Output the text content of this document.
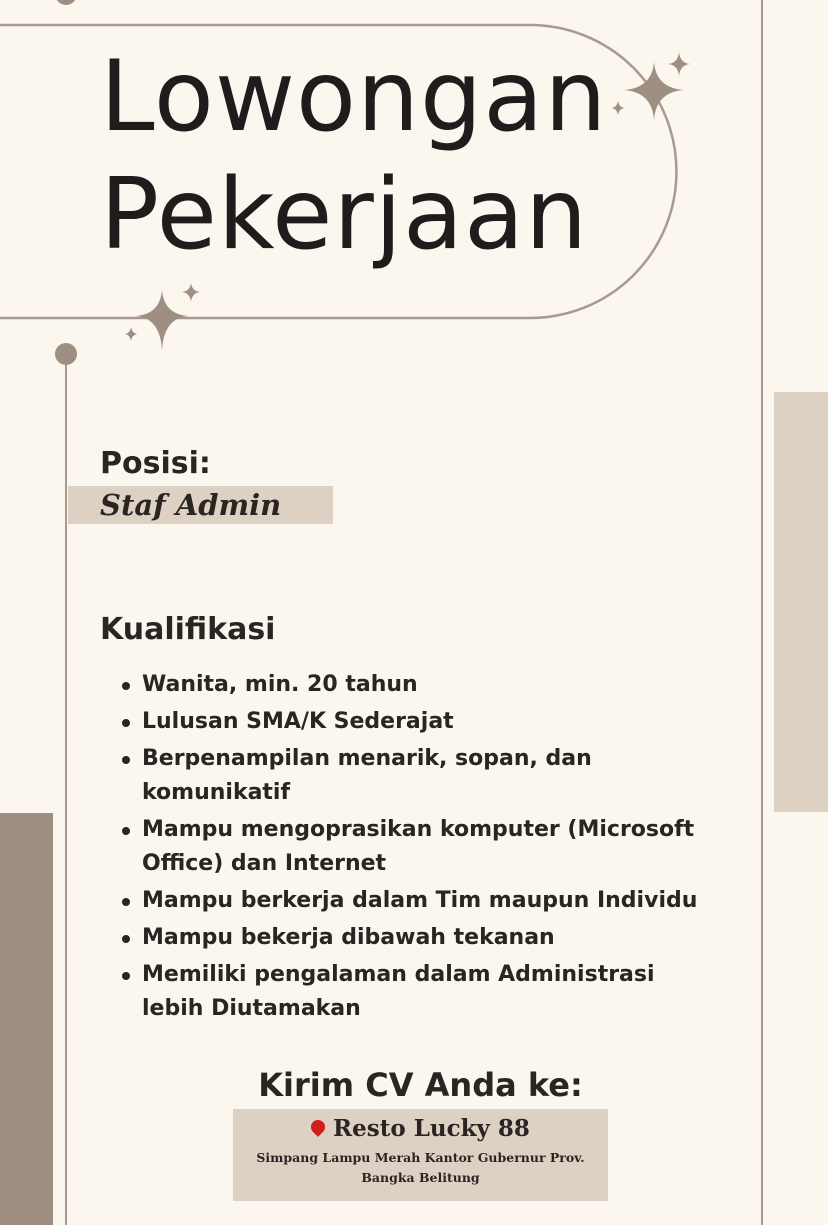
Lowongan
Pekerjaan
Posisi:
Staf Admin
Kualifikasi
Wanita, min. 20 tahun
Lulusan SMA/K Sederajat
Berpenampilan menarik, sopan, dan komunikatif
Mampu mengoprasikan komputer (Microsoft Office) dan Internet
Mampu berkerja dalam Tim maupun Individu
Mampu bekerja dibawah tekanan
Memiliki pengalaman dalam Administrasi lebih Diutamakan
Kirim CV Anda ke:
Resto Lucky 88
Simpang Lampu Merah Kantor Gubernur Prov.
Bangka Belitung
